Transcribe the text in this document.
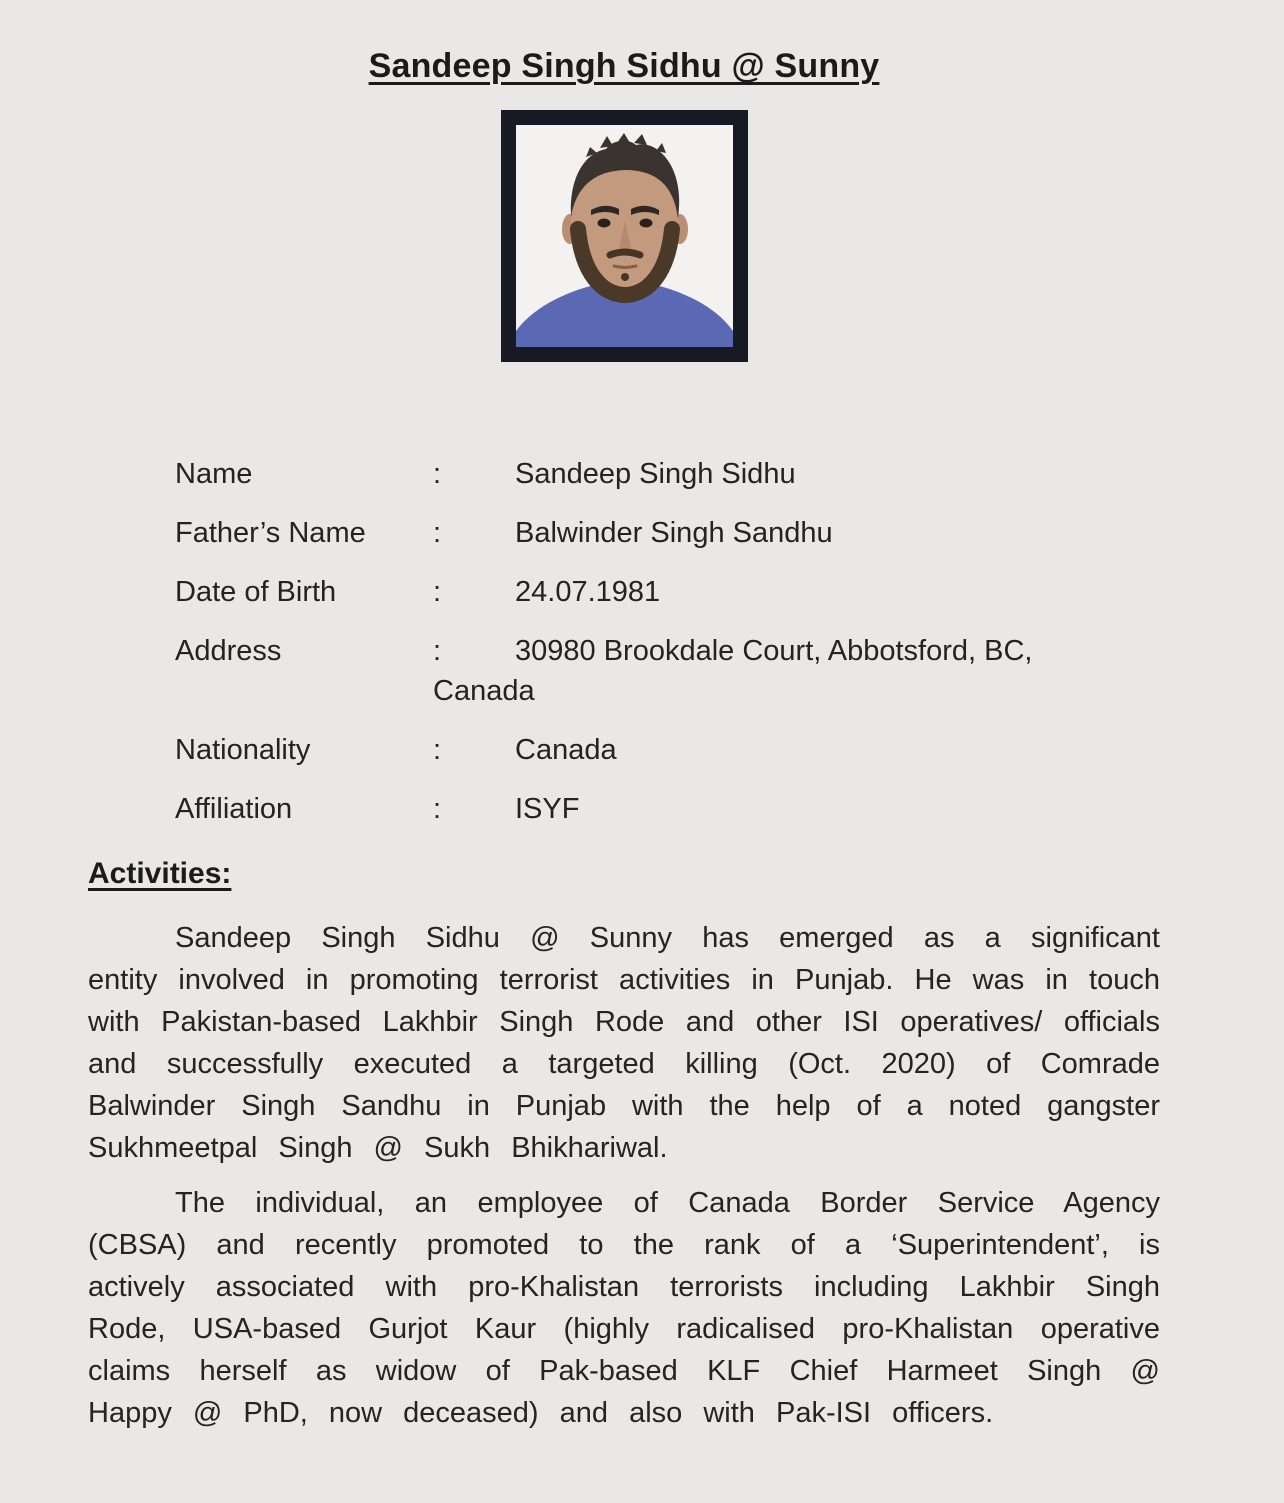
Sandeep Singh Sidhu @ Sunny
Name	:	Sandeep Singh Sidhu
Father’s Name	:	Balwinder Singh Sandhu
Date of Birth	:	24.07.1981
Address	:	30980 Brookdale Court, Abbotsford, BC, Canada
Nationality	:	Canada
Affiliation	:	ISYF
Activities:

Sandeep Singh Sidhu @ Sunny has emerged as a significant entity involved in promoting terrorist activities in Punjab. He was in touch with Pakistan-based Lakhbir Singh Rode and other ISI operatives/ officials and successfully executed a targeted killing (Oct. 2020) of Comrade Balwinder Singh Sandhu in Punjab with the help of a noted gangster Sukhmeetpal Singh @ Sukh Bhikhariwal.

The individual, an employee of Canada Border Service Agency (CBSA) and recently promoted to the rank of a ‘Superintendent’, is actively associated with pro-Khalistan terrorists including Lakhbir Singh Rode, USA-based Gurjot Kaur (highly radicalised pro-Khalistan operative claims herself as widow of Pak-based KLF Chief Harmeet Singh @ Happy @ PhD, now deceased) and also with Pak-ISI officers.
